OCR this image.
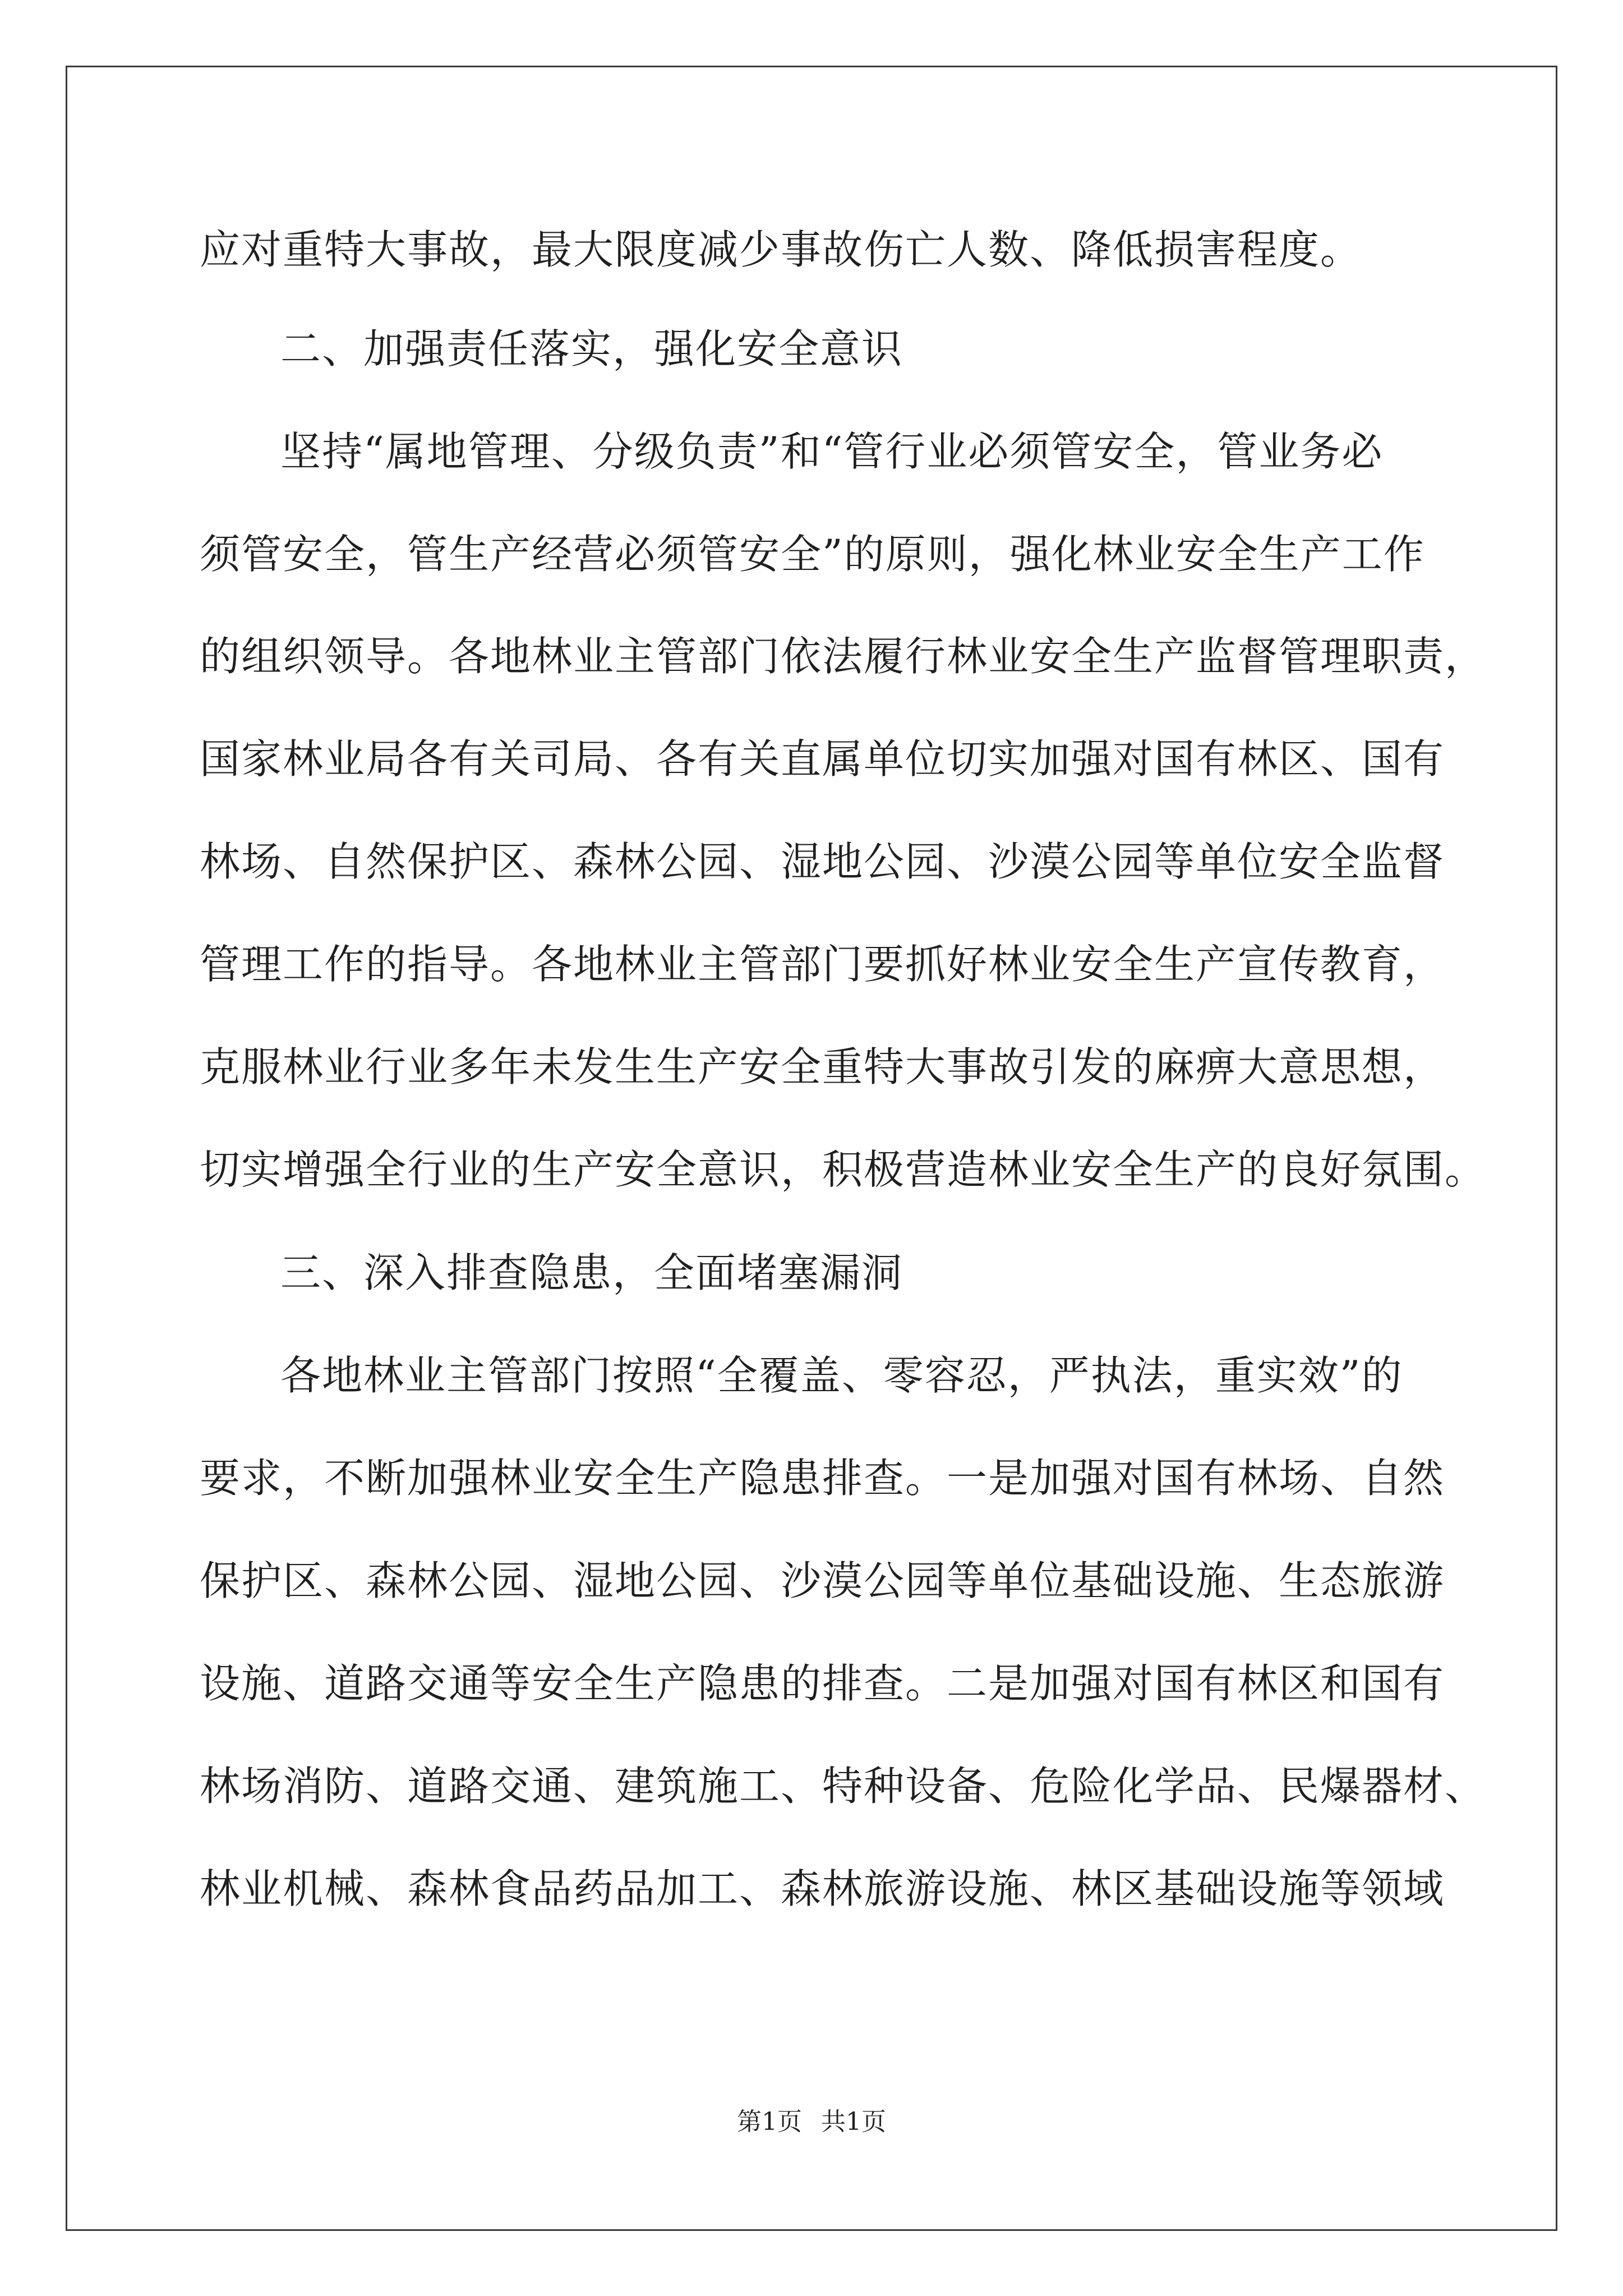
应对重特大事故，最大限度减少事故伤亡人数、降低损害程度。

二、加强责任落实，强化安全意识

坚持“属地管理、分级负责”和“管行业必须管安全，管业务必

须管安全，管生产经营必须管安全”的原则，强化林业安全生产工作

的组织领导。各地林业主管部门依法履行林业安全生产监督管理职责，

国家林业局各有关司局、各有关直属单位切实加强对国有林区、国有

林场、自然保护区、森林公园、湿地公园、沙漠公园等单位安全监督

管理工作的指导。各地林业主管部门要抓好林业安全生产宣传教育，

克服林业行业多年未发生生产安全重特大事故引发的麻痹大意思想，

切实增强全行业的生产安全意识，积极营造林业安全生产的良好氛围。

三、深入排查隐患，全面堵塞漏洞

各地林业主管部门按照“全覆盖、零容忍，严执法，重实效”的

要求，不断加强林业安全生产隐患排查。一是加强对国有林场、自然

保护区、森林公园、湿地公园、沙漠公园等单位基础设施、生态旅游

设施、道路交通等安全生产隐患的排查。二是加强对国有林区和国有

林场消防、道路交通、建筑施工、特种设备、危险化学品、民爆器材、

林业机械、森林食品药品加工、森林旅游设施、林区基础设施等领域

第1页 共1页
